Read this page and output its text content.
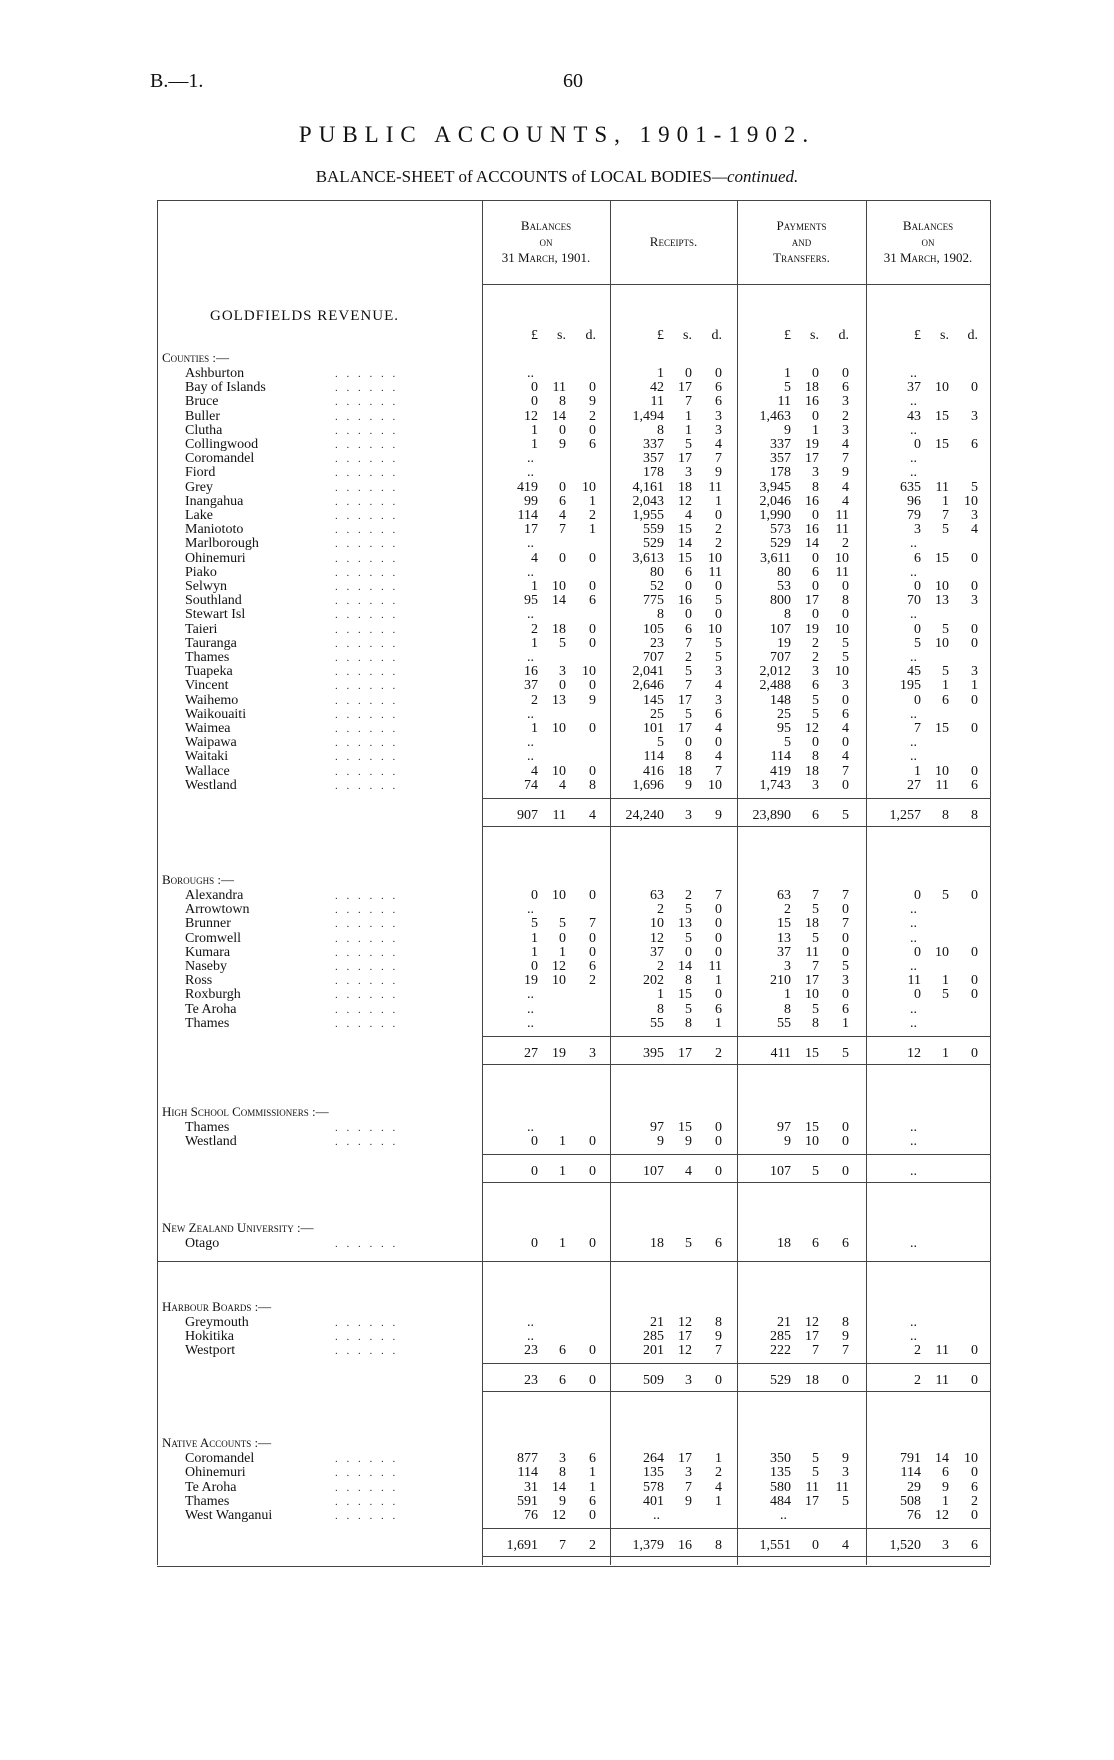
B.—1.	60
PUBLIC ACCOUNTS, 1901-1902.
BALANCE-SHEET of ACCOUNTS of LOCAL BODIES—continued.
Balances
on
31 March, 1901.
Receipts.
Payments
and
Transfers.
Balances
on
31 March, 1902.
GOLDFIELDS REVENUE.
£	s.	d.	£	s.	d.	£	s.	d.	£	s.	d.
Counties :—
Ashburton	. . . . . .	..	1	0	0	1	0	0	..
Bay of Islands	. . . . . .	0	11	0	42	17	6	5	18	6	37	10	0
Bruce	. . . . . .	0	8	9	11	7	6	11	16	3	..
Buller	. . . . . .	12	14	2	1,494	1	3	1,463	0	2	43	15	3
Clutha	. . . . . .	1	0	0	8	1	3	9	1	3	..
Collingwood	. . . . . .	1	9	6	337	5	4	337	19	4	0	15	6
Coromandel	. . . . . .	..	357	17	7	357	17	7	..
Fiord	. . . . . .	..	178	3	9	178	3	9	..
Grey	. . . . . .	419	0	10	4,161	18	11	3,945	8	4	635	11	5
Inangahua	. . . . . .	99	6	1	2,043	12	1	2,046	16	4	96	1	10
Lake	. . . . . .	114	4	2	1,955	4	0	1,990	0	11	79	7	3
Maniototo	. . . . . .	17	7	1	559	15	2	573	16	11	3	5	4
Marlborough	. . . . . .	..	529	14	2	529	14	2	..
Ohinemuri	. . . . . .	4	0	0	3,613	15	10	3,611	0	10	6	15	0
Piako	. . . . . .	..	80	6	11	80	6	11	..
Selwyn	. . . . . .	1	10	0	52	0	0	53	0	0	0	10	0
Southland	. . . . . .	95	14	6	775	16	5	800	17	8	70	13	3
Stewart Isl	. . . . . .	..	8	0	0	8	0	0	..
Taieri	. . . . . .	2	18	0	105	6	10	107	19	10	0	5	0
Tauranga	. . . . . .	1	5	0	23	7	5	19	2	5	5	10	0
Thames	. . . . . .	..	707	2	5	707	2	5	..
Tuapeka	. . . . . .	16	3	10	2,041	5	3	2,012	3	10	45	5	3
Vincent	. . . . . .	37	0	0	2,646	7	4	2,488	6	3	195	1	1
Waihemo	. . . . . .	2	13	9	145	17	3	148	5	0	0	6	0
Waikouaiti	. . . . . .	..	25	5	6	25	5	6	..
Waimea	. . . . . .	1	10	0	101	17	4	95	12	4	7	15	0
Waipawa	. . . . . .	..	5	0	0	5	0	0	..
Waitaki	. . . . . .	..	114	8	4	114	8	4	..
Wallace	. . . . . .	4	10	0	416	18	7	419	18	7	1	10	0
Westland	. . . . . .	74	4	8	1,696	9	10	1,743	3	0	27	11	6
907	11	4	24,240	3	9	23,890	6	5	1,257	8	8
Boroughs :—
Alexandra	. . . . . .	0	10	0	63	2	7	63	7	7	0	5	0
Arrowtown	. . . . . .	..	2	5	0	2	5	0	..
Brunner	. . . . . .	5	5	7	10	13	0	15	18	7	..
Cromwell	. . . . . .	1	0	0	12	5	0	13	5	0	..
Kumara	. . . . . .	1	1	0	37	0	0	37	11	0	0	10	0
Naseby	. . . . . .	0	12	6	2	14	11	3	7	5	..
Ross	. . . . . .	19	10	2	202	8	1	210	17	3	11	1	0
Roxburgh	. . . . . .	..	1	15	0	1	10	0	0	5	0
Te Aroha	. . . . . .	..	8	5	6	8	5	6	..
Thames	. . . . . .	..	55	8	1	55	8	1	..
27	19	3	395	17	2	411	15	5	12	1	0
High School Commissioners :—
Thames	. . . . . .	..	97	15	0	97	15	0	..
Westland	. . . . . .	0	1	0	9	9	0	9	10	0	..
0	1	0	107	4	0	107	5	0	..
New Zealand University :—
Otago	. . . . . .	0	1	0	18	5	6	18	6	6	..
Harbour Boards :—
Greymouth	. . . . . .	..	21	12	8	21	12	8	..
Hokitika	. . . . . .	..	285	17	9	285	17	9	..
Westport	. . . . . .	23	6	0	201	12	7	222	7	7	2	11	0
23	6	0	509	3	0	529	18	0	2	11	0
Native Accounts :—
Coromandel	. . . . . .	877	3	6	264	17	1	350	5	9	791	14	10
Ohinemuri	. . . . . .	114	8	1	135	3	2	135	5	3	114	6	0
Te Aroha	. . . . . .	31	14	1	578	7	4	580	11	11	29	9	6
Thames	. . . . . .	591	9	6	401	9	1	484	17	5	508	1	2
West Wanganui	. . . . . .	76	12	0	..	..	76	12	0
1,691	7	2	1,379	16	8	1,551	0	4	1,520	3	6
